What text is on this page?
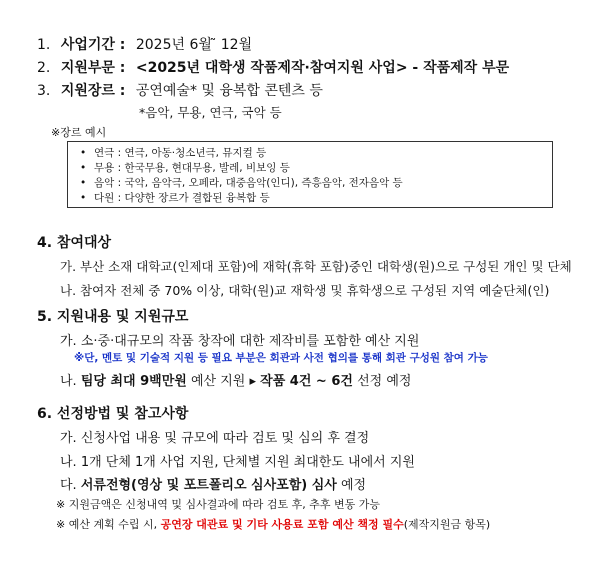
1. 사업기간 : 2025년 6월 ̃ 12월
2. 지원부문 : <2025년 대학생 작품제작·참여지원 사업> - 작품제작 부문
3. 지원장르 : 공연예술* 및 융복합 콘텐츠 등
*음악, 무용, 연극, 국악 등
※장르 예시
• 연극 : 연극, 아동·청소년극, 뮤지컬 등
• 무용 : 한국무용, 현대무용, 발레, 비보잉 등
• 음악 : 국악, 음악극, 오페라, 대중음악(인디), 즉흥음악, 전자음악 등
• 다원 : 다양한 장르가 결합된 융복합 등
4. 참여대상
가. 부산 소재 대학교(인제대 포함)에 재학(휴학 포함)중인 대학생(원)으로 구성된 개인 및 단체
나. 참여자 전체 중 70% 이상, 대학(원)교 재학생 및 휴학생으로 구성된 지역 예술단체(인)
5. 지원내용 및 지원규모
가. 소·중·대규모의 작품 창작에 대한 제작비를 포함한 예산 지원
※단, 멘토 및 기술적 지원 등 필요 부분은 회관과 사전 협의를 통해 회관 구성원 참여 가능
나. 팀당 최대 9백만원 예산 지원 ▸ 작품 4건 ~ 6건 선정 예정
6. 선정방법 및 참고사항
가. 신청사업 내용 및 규모에 따라 검토 및 심의 후 결정
나. 1개 단체 1개 사업 지원, 단체별 지원 최대한도 내에서 지원
다. 서류전형(영상 및 포트폴리오 심사포함) 심사 예정
※ 지원금액은 신청내역 및 심사결과에 따라 검토 후, 추후 변동 가능
※ 예산 계획 수립 시, 공연장 대관료 및 기타 사용료 포함 예산 책정 필수(제작지원금 항목)
